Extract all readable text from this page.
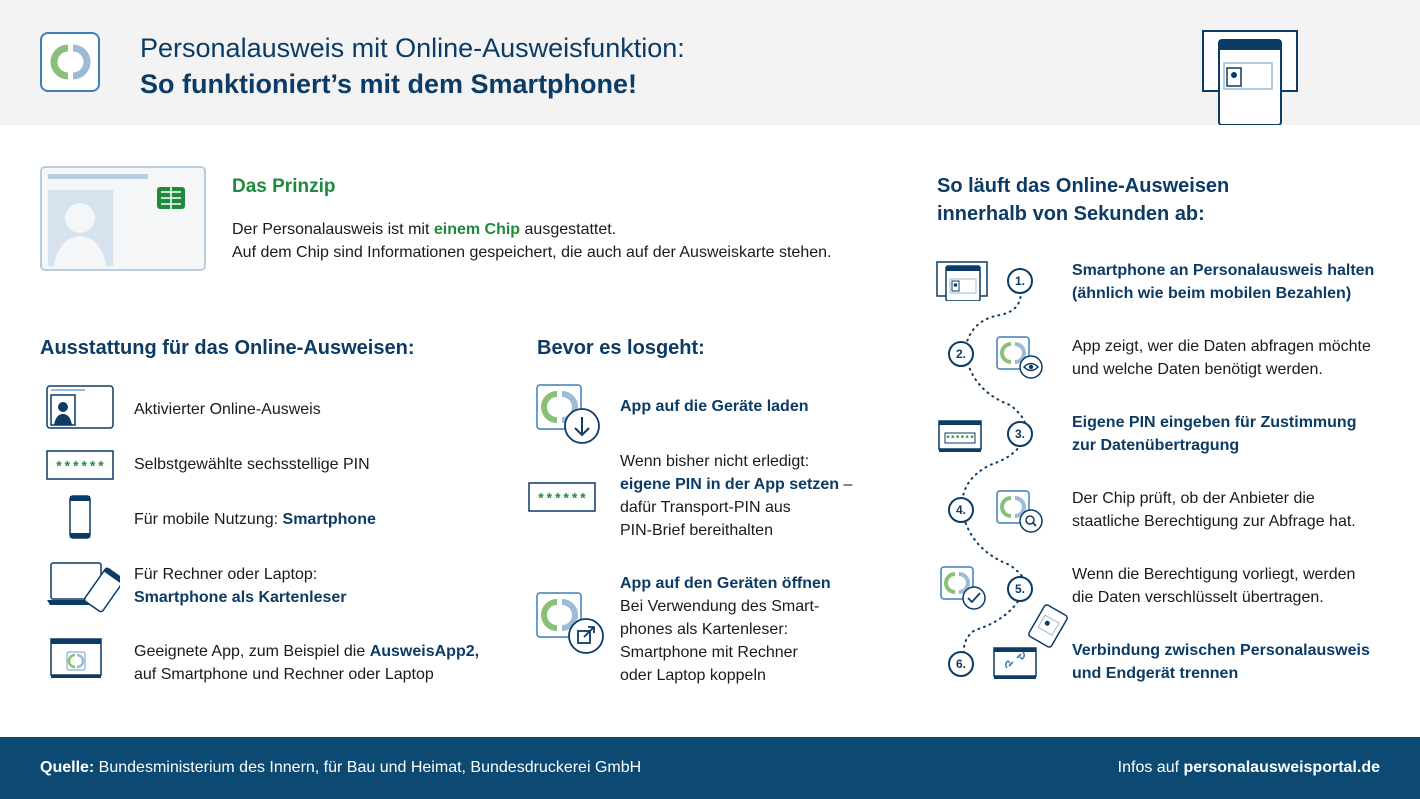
Personalausweis mit Online-Ausweisfunktion:
So funktioniert’s mit dem Smartphone!
Das Prinzip
Der Personalausweis ist mit einem Chip ausgestattet.
Auf dem Chip sind Informationen gespeichert, die auch auf der Ausweiskarte stehen.
Ausstattung für das Online-Ausweisen:
Aktivierter Online-Ausweis
****** Selbstgewählte sechsstellige PIN
Für mobile Nutzung: Smartphone
Für Rechner oder Laptop:
Smartphone als Kartenleser
Geeignete App, zum Beispiel die AusweisApp2,
auf Smartphone und Rechner oder Laptop
Bevor es losgeht:
App auf die Geräte laden
******
Wenn bisher nicht erledigt:
eigene PIN in der App setzen –
dafür Transport-PIN aus
PIN-Brief bereithalten
App auf den Geräten öffnen
Bei Verwendung des Smart-
phones als Kartenleser:
Smartphone mit Rechner
oder Laptop koppeln
So läuft das Online-Ausweisen
innerhalb von Sekunden ab:
1.
Smartphone an Personalausweis halten
(ähnlich wie beim mobilen Bezahlen)
2.	App zeigt, wer die Daten abfragen möchte
und welche Daten benötigt werden.
******	3.
Eigene PIN eingeben für Zustimmung
zur Datenübertragung
4.
Der Chip prüft, ob der Anbieter die
staatliche Berechtigung zur Abfrage hat.
5.
Wenn die Berechtigung vorliegt, werden
die Daten verschlüsselt übertragen.
6.
Verbindung zwischen Personalausweis
und Endgerät trennen
Quelle: Bundesministerium des Innern, für Bau und Heimat, Bundesdruckerei GmbH	Infos auf personalausweisportal.de
